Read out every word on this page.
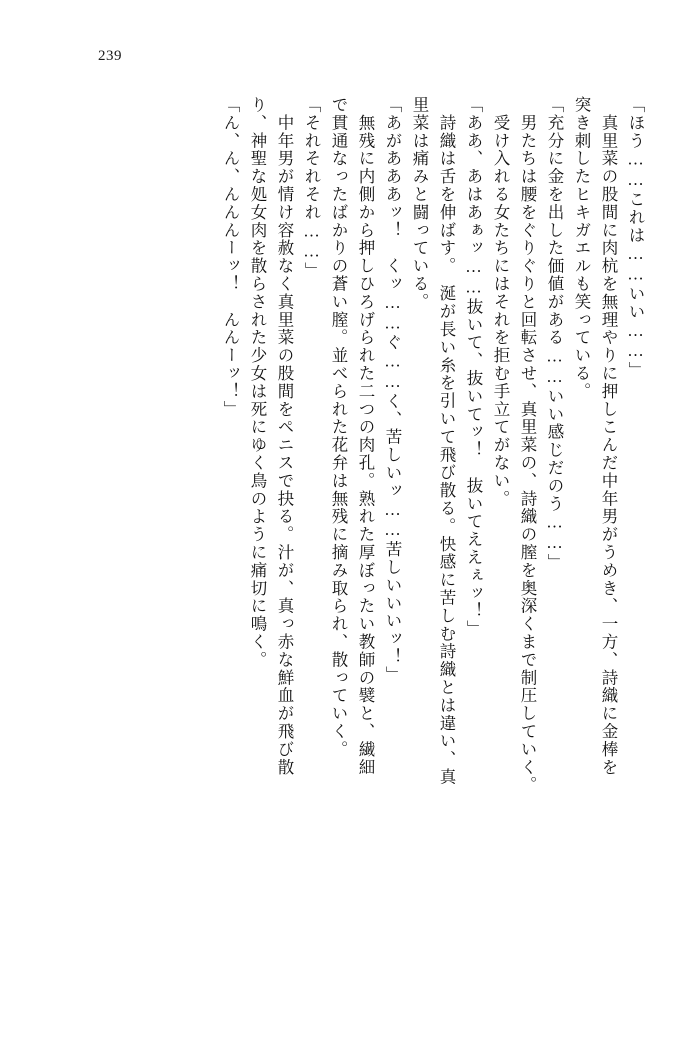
239
「ほう……これは……いい……」
　真里菜の股間に肉杭を無理やりに押しこんだ中年男がうめき、一方、詩織に金棒を
突き刺したヒキガエルも笑っている。
「充分に金を出した価値がある……いい感じだのう……」
　男たちは腰をぐりぐりと回転させ、真里菜の、詩織の膣を奥深くまで制圧していく。
　受け入れる女たちにはそれを拒む手立てがない。
「ああ、あはあぁッ……抜いて、抜いてッ！　抜いてええぇッ！」
　詩織は舌を伸ばす。　涎が長い糸を引いて飛び散る。快感に苦しむ詩織とは違い、真
里菜は痛みと闘っている。
「あがあああッ！　くッ……ぐ……く、苦しいッ……苦しいいいッ！」
　無残に内側から押しひろげられた二つの肉孔。熟れた厚ぼったい教師の襞と、繊細
で貫通なったばかりの蒼い膣。並べられた花弁は無残に摘み取られ、散っていく。
「それそれそれ……」
　中年男が情け容赦なく真里菜の股間をペニスで抉る。汁が、真っ赤な鮮血が飛び散
り、神聖な処女肉を散らされた少女は死にゆく鳥のように痛切に鳴く。
「ん、ん、んんんーッ！　んんーッ！」
